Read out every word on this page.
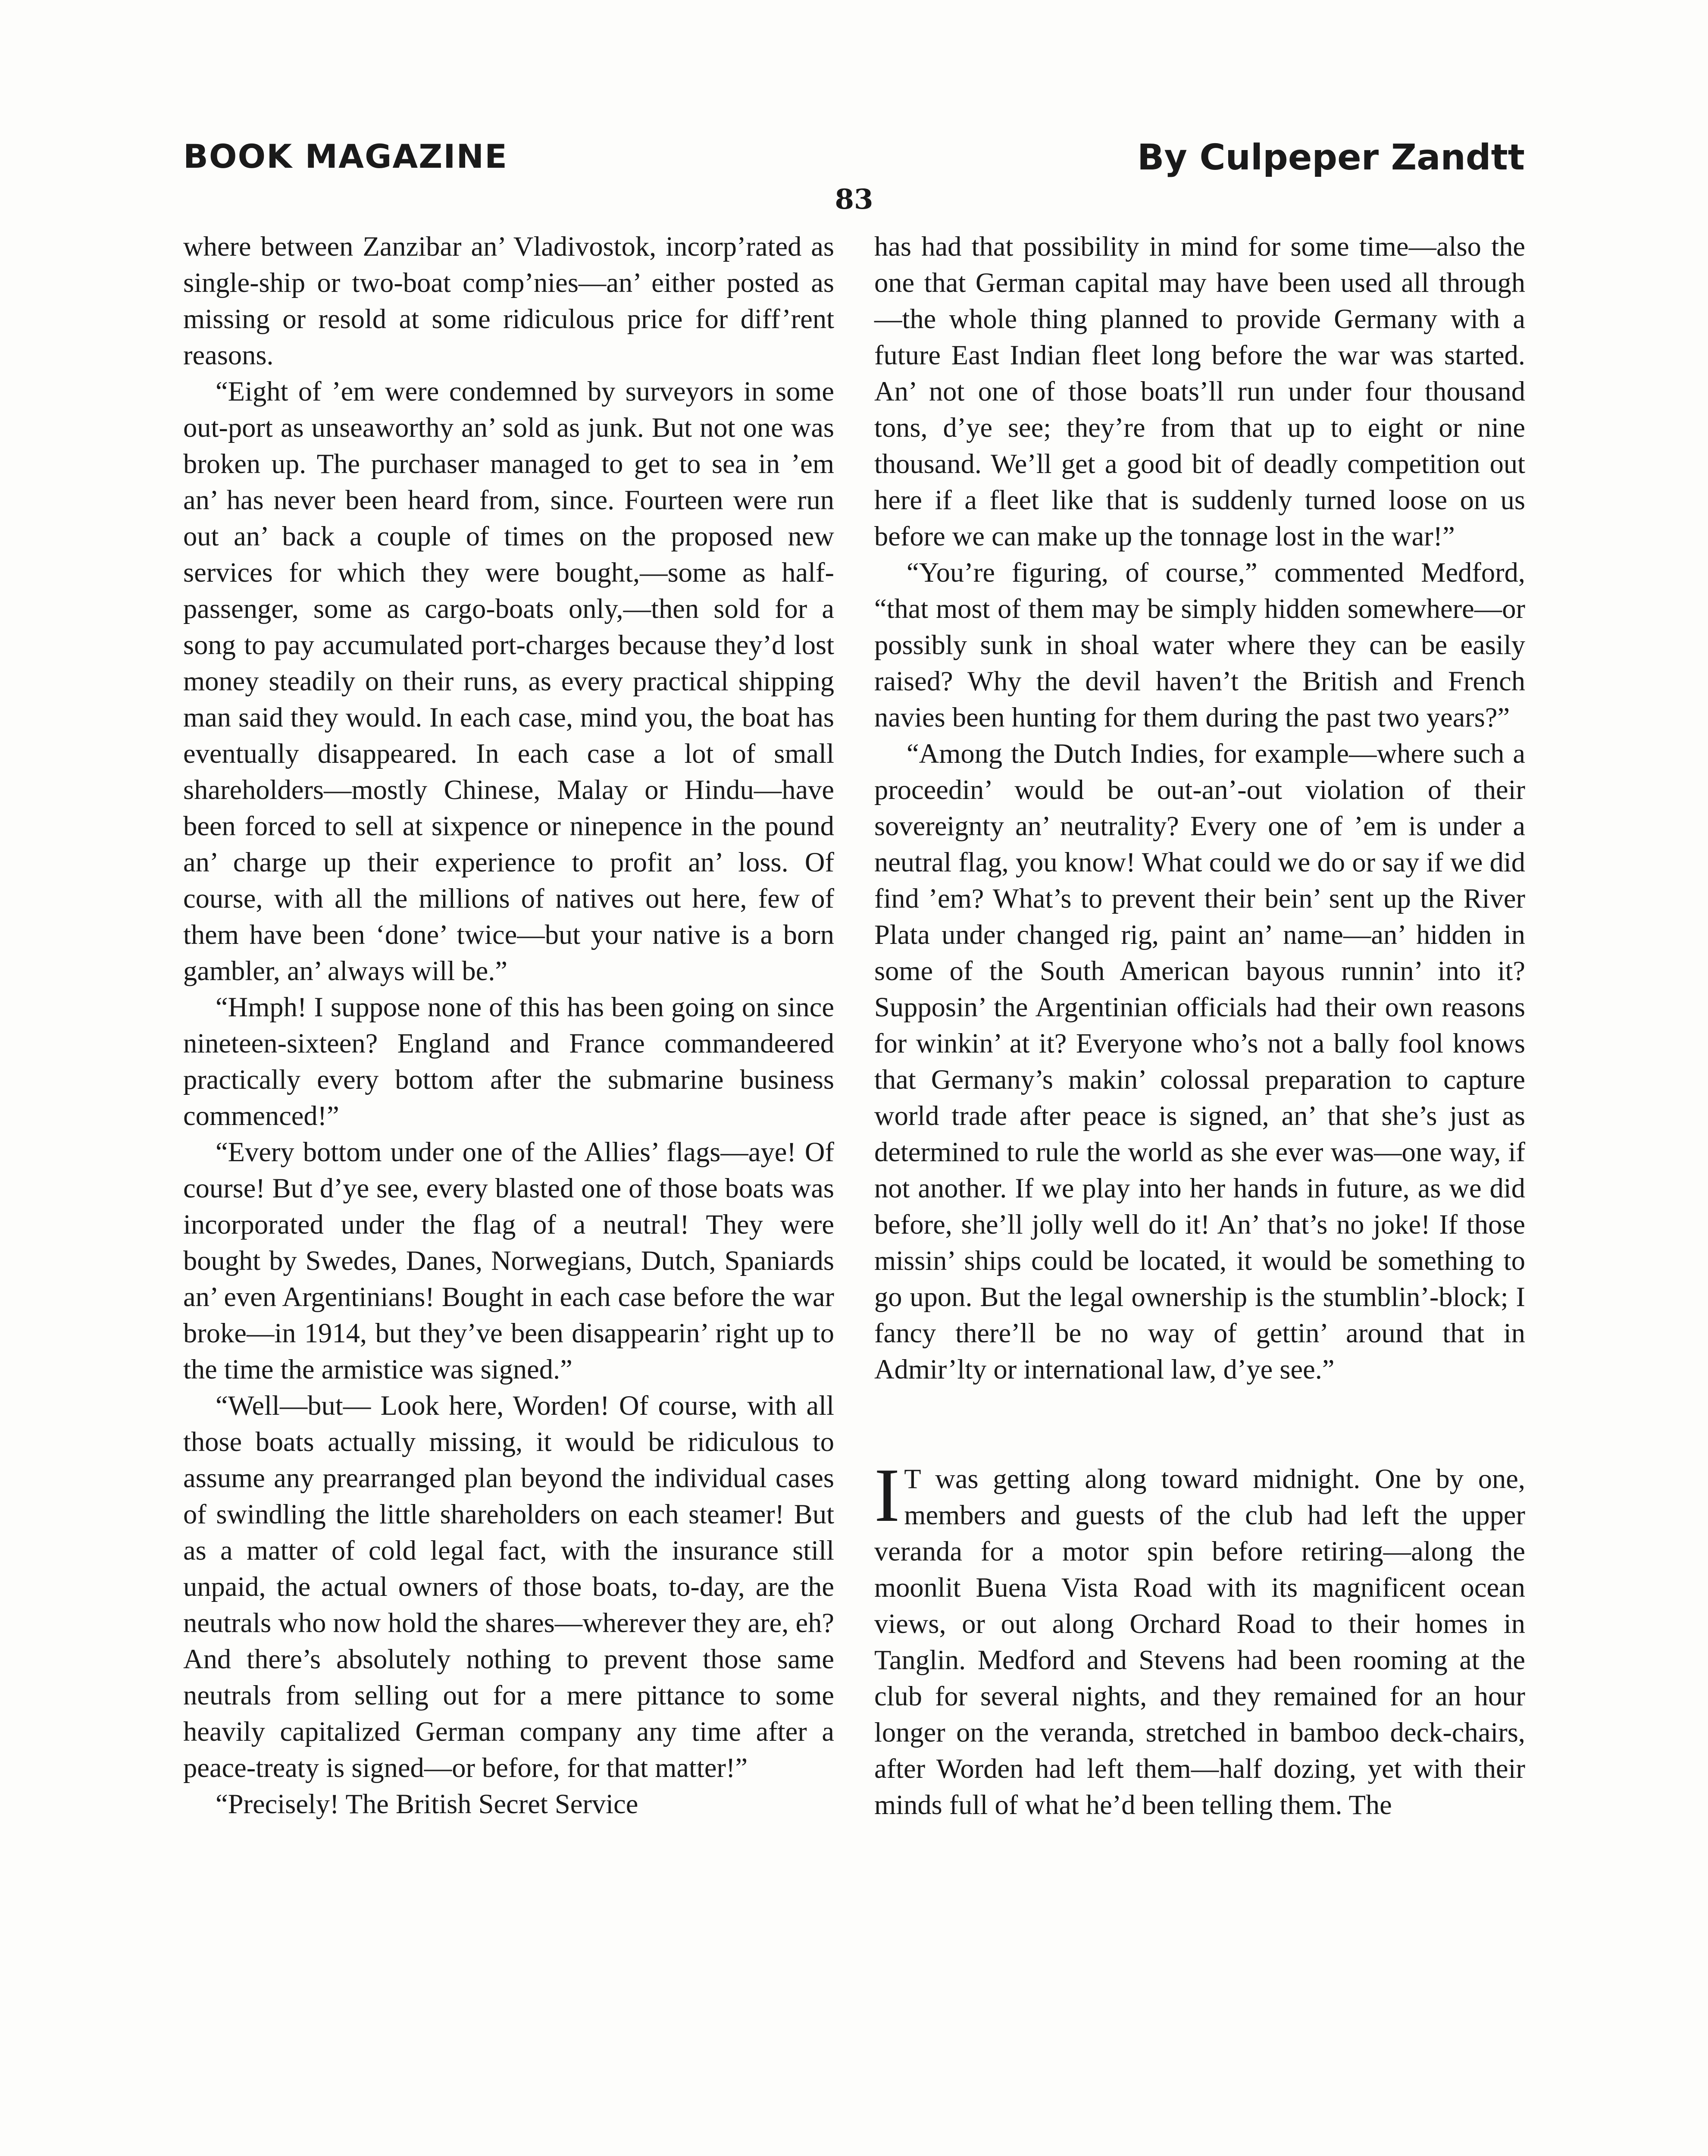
BOOK MAGAZINE	By Culpeper Zandtt
83

where between Zanzibar an’ Vladivostok, incorp’rated as single-ship or two-boat comp’nies—an’ either posted as missing or resold at some ridiculous price for diff’rent reasons.

“Eight of ’em were condemned by surveyors in some out-port as unseaworthy an’ sold as junk. But not one was broken up. The purchaser managed to get to sea in ’em an’ has never been heard from, since. Fourteen were run out an’ back a couple of times on the proposed new services for which they were bought,—some as half-passenger, some as cargo-boats only,—then sold for a song to pay accumulated port-charges because they’d lost money steadily on their runs, as every practical shipping man said they would. In each case, mind you, the boat has eventually disappeared. In each case a lot of small shareholders—mostly Chinese, Malay or Hindu—have been forced to sell at sixpence or ninepence in the pound an’ charge up their experience to profit an’ loss. Of course, with all the millions of natives out here, few of them have been ‘done’ twice—but your native is a born gambler, an’ always will be.”

“Hmph! I suppose none of this has been going on since nineteen-sixteen? England and France commandeered practically every bottom after the submarine business commenced!”

“Every bottom under one of the Allies’ flags—aye! Of course! But d’ye see, every blasted one of those boats was incorporated under the flag of a neutral! They were bought by Swedes, Danes, Norwegians, Dutch, Spaniards an’ even Argentinians! Bought in each case before the war broke—in 1914, but they’ve been disappearin’ right up to the time the armistice was signed.”

“Well—but— Look here, Worden! Of course, with all those boats actually missing, it would be ridiculous to assume any prearranged plan beyond the individual cases of swindling the little shareholders on each steamer! But as a matter of cold legal fact, with the insurance still unpaid, the actual owners of those boats, to-day, are the neutrals who now hold the shares—wherever they are, eh? And there’s absolutely nothing to prevent those same neutrals from selling out for a mere pittance to some heavily capitalized German company any time after a peace-treaty is signed—or before, for that matter!”

“Precisely! The British Secret Service

has had that possibility in mind for some time—also the one that German capital may have been used all through—the whole thing planned to provide Germany with a future East Indian fleet long before the war was started. An’ not one of those boats’ll run under four thousand tons, d’ye see; they’re from that up to eight or nine thousand. We’ll get a good bit of deadly competition out here if a fleet like that is suddenly turned loose on us before we can make up the tonnage lost in the war!”

“You’re figuring, of course,” commented Medford, “that most of them may be simply hidden somewhere—or possibly sunk in shoal water where they can be easily raised? Why the devil haven’t the British and French navies been hunting for them during the past two years?”

“Among the Dutch Indies, for example—where such a proceedin’ would be out-an’-out violation of their sovereignty an’ neutrality? Every one of ’em is under a neutral flag, you know! What could we do or say if we did find ’em? What’s to prevent their bein’ sent up the River Plata under changed rig, paint an’ name—an’ hidden in some of the South American bayous runnin’ into it? Supposin’ the Argentinian officials had their own reasons for winkin’ at it? Everyone who’s not a bally fool knows that Germany’s makin’ colossal preparation to capture world trade after peace is signed, an’ that she’s just as determined to rule the world as she ever was—one way, if not another. If we play into her hands in future, as we did before, she’ll jolly well do it! An’ that’s no joke! If those missin’ ships could be located, it would be something to go upon. But the legal ownership is the stumblin’-block; I fancy there’ll be no way of gettin’ around that in Admir’lty or international law, d’ye see.”

I T was getting along toward midnight. One by one, members and guests of the club had left the upper veranda for a motor spin before retiring—along the moonlit Buena Vista Road with its magnificent ocean views, or out along Orchard Road to their homes in Tanglin. Medford and Stevens had been rooming at the club for several nights, and they remained for an hour longer on the veranda, stretched in bamboo deck-chairs, after Worden had left them—half dozing, yet with their minds full of what he’d been telling them. The
